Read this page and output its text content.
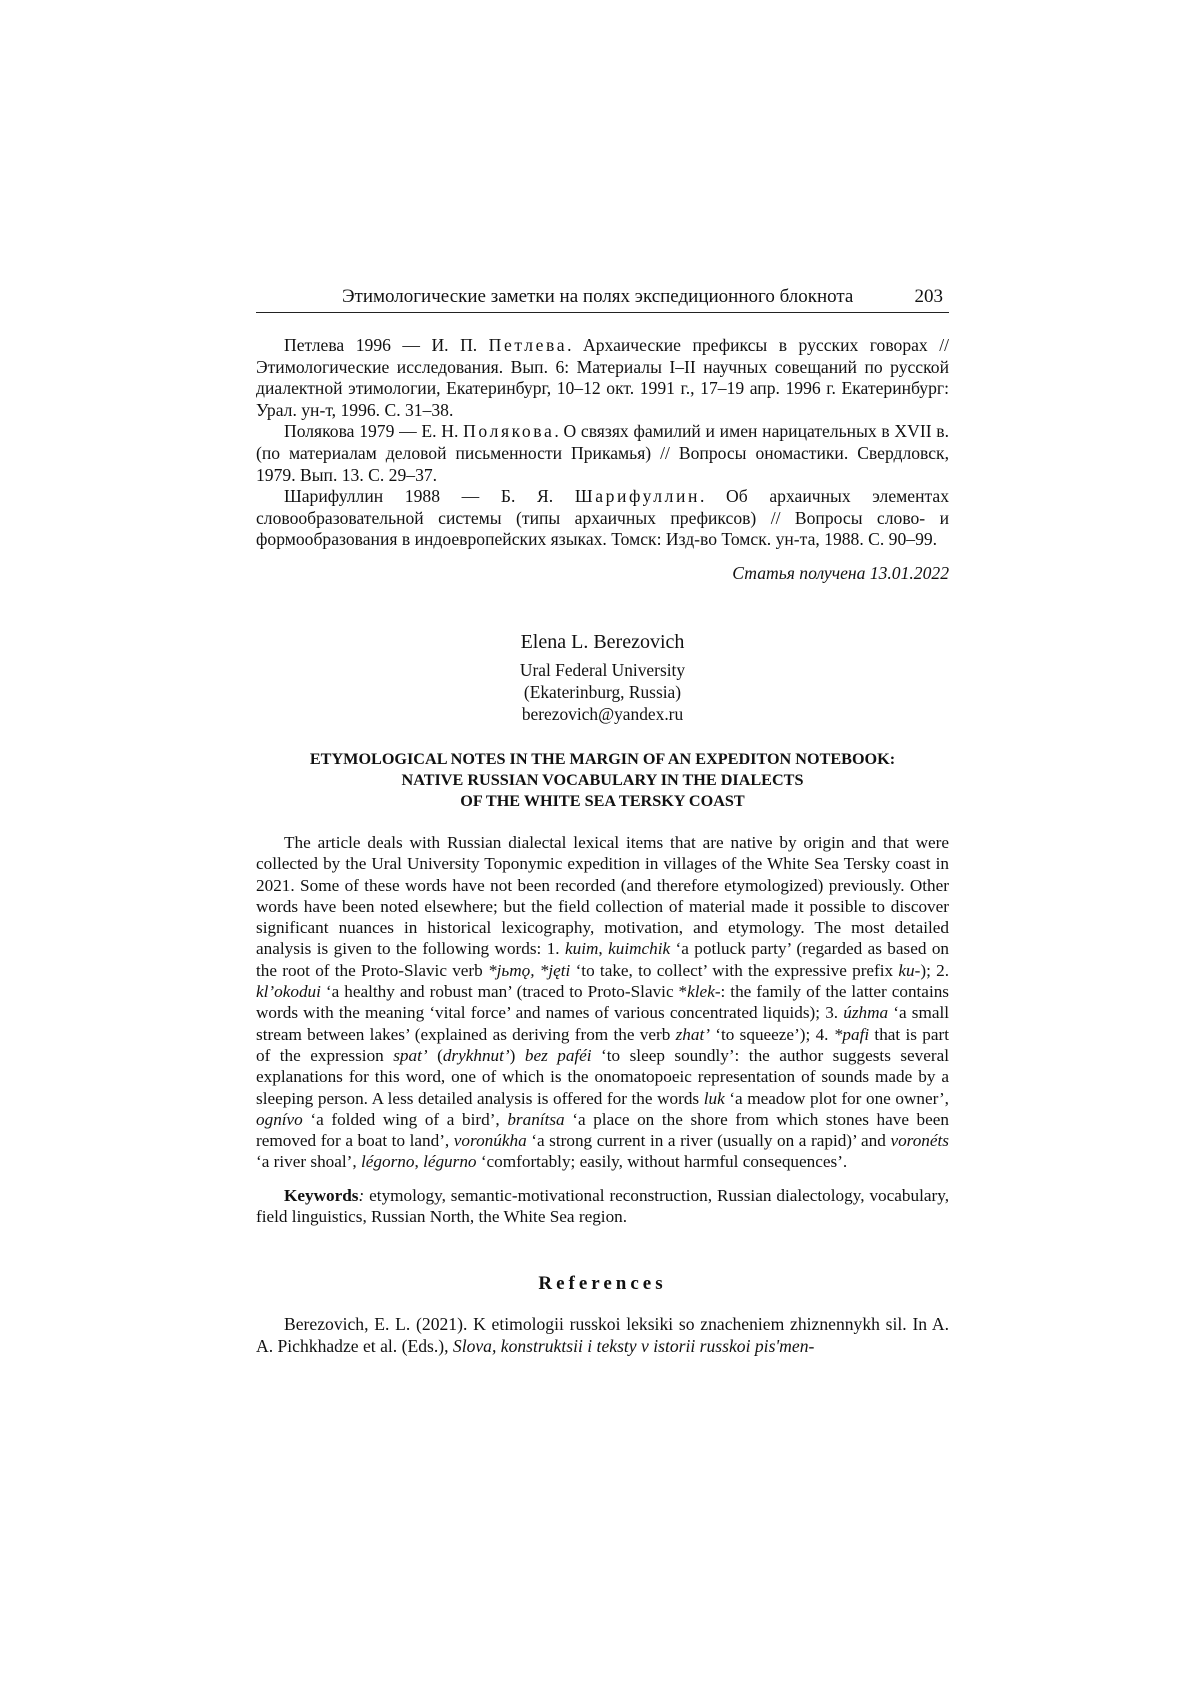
Этимологические заметки на полях экспедиционного блокнота	203

Петлева 1996 — И. П. Петлева. Архаические префиксы в русских говорах // Этимологические исследования. Вып. 6: Материалы I–II научных совещаний по русской диалектной этимологии, Екатеринбург, 10–12 окт. 1991 г., 17–19 апр. 1996 г. Екатеринбург: Урал. ун-т, 1996. С. 31–38.

Полякова 1979 — Е. Н. Полякова. О связях фамилий и имен нарицательных в XVII в. (по материалам деловой письменности Прикамья) // Вопросы ономастики. Свердловск, 1979. Вып. 13. С. 29–37.

Шарифуллин 1988 — Б. Я. Шарифуллин. Об архаичных элементах словообразовательной системы (типы архаичных префиксов) // Вопросы слово- и формообразования в индоевропейских языках. Томск: Изд-во Томск. ун-та, 1988. С. 90–99.

Статья получена 13.01.2022
Elena L. Berezovich
Ural Federal University
(Ekaterinburg, Russia)
berezovich@yandex.ru
ETYMOLOGICAL NOTES IN THE MARGIN OF AN EXPEDITON NOTEBOOK:
NATIVE RUSSIAN VOCABULARY IN THE DIALECTS
OF THE WHITE SEA TERSKY COAST

The article deals with Russian dialectal lexical items that are native by origin and that were collected by the Ural University Toponymic expedition in villages of the White Sea Tersky coast in 2021. Some of these words have not been recorded (and therefore etymologized) previously. Other words have been noted elsewhere; but the field collection of material made it possible to discover significant nuances in historical lexicography, motivation, and etymology. The most detailed analysis is given to the following words: 1. kuim, kuimchik ‘a potluck party’ (regarded as based on the root of the Proto-Slavic verb *jьmǫ, *jęti ‘to take, to collect’ with the expressive prefix ku-); 2. kl’okodui ‘a healthy and robust man’ (traced to Proto-Slavic *klek-: the family of the latter contains words with the meaning ‘vital force’ and names of various concentrated liquids); 3. úzhma ‘a small stream between lakes’ (explained as deriving from the verb zhat’ ‘to squeeze’); 4. *pafi that is part of the expression spat’ (drykhnut’) bez paféi ‘to sleep soundly’: the author suggests several explanations for this word, one of which is the onomatopoeic representation of sounds made by a sleeping person. A less detailed analysis is offered for the words luk ‘a meadow plot for one owner’, ognívo ‘a folded wing of a bird’, branítsa ‘a place on the shore from which stones have been removed for a boat to land’, voronúkha ‘a strong current in a river (usually on a rapid)’ and voronéts ‘a river shoal’, légorno, légurno ‘comfortably; easily, without harmful consequences’.

Keywords: etymology, semantic-motivational reconstruction, Russian dialectology, vocabulary, field linguistics, Russian North, the White Sea region.

References

Berezovich, E. L. (2021). K etimologii russkoi leksiki so znacheniem zhiznennykh sil. In A. A. Pichkhadze et al. (Eds.), Slova, konstruktsii i teksty v istorii russkoi pis'men-
